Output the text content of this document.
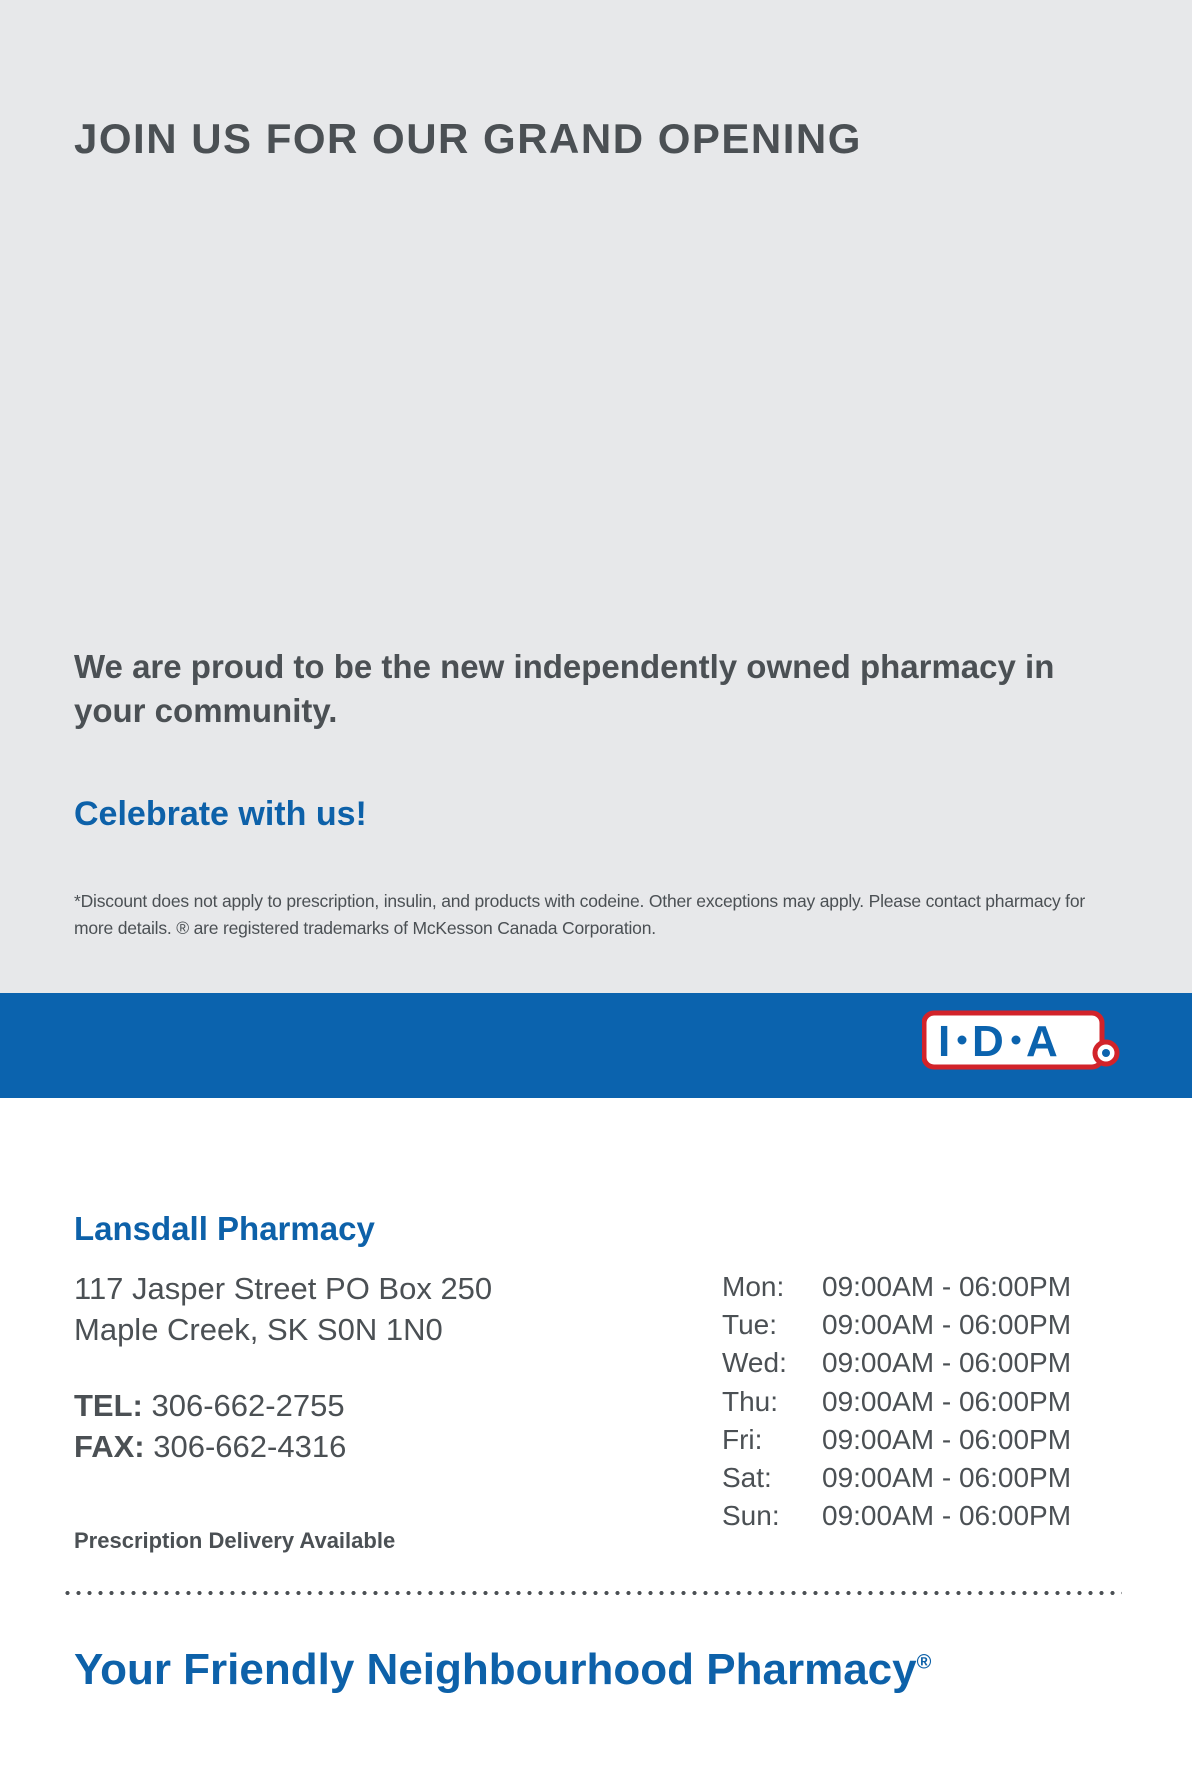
JOIN US FOR OUR GRAND OPENING
We are proud to be the new independently owned pharmacy in your community.
Celebrate with us!
*Discount does not apply to prescription, insulin, and products with codeine. Other exceptions may apply. Please contact pharmacy for more details. ® are registered trademarks of McKesson Canada Corporation.
I D A
Lansdall Pharmacy
117 Jasper Street PO Box 250
Maple Creek, SK S0N 1N0
TEL: 306-662-2755
FAX: 306-662-4316
Prescription Delivery Available
Mon:	09:00AM - 06:00PM
Tue:	09:00AM - 06:00PM
Wed:	09:00AM - 06:00PM
Thu:	09:00AM - 06:00PM
Fri:	09:00AM - 06:00PM
Sat:	09:00AM - 06:00PM
Sun:	09:00AM - 06:00PM
Your Friendly Neighbourhood Pharmacy®
